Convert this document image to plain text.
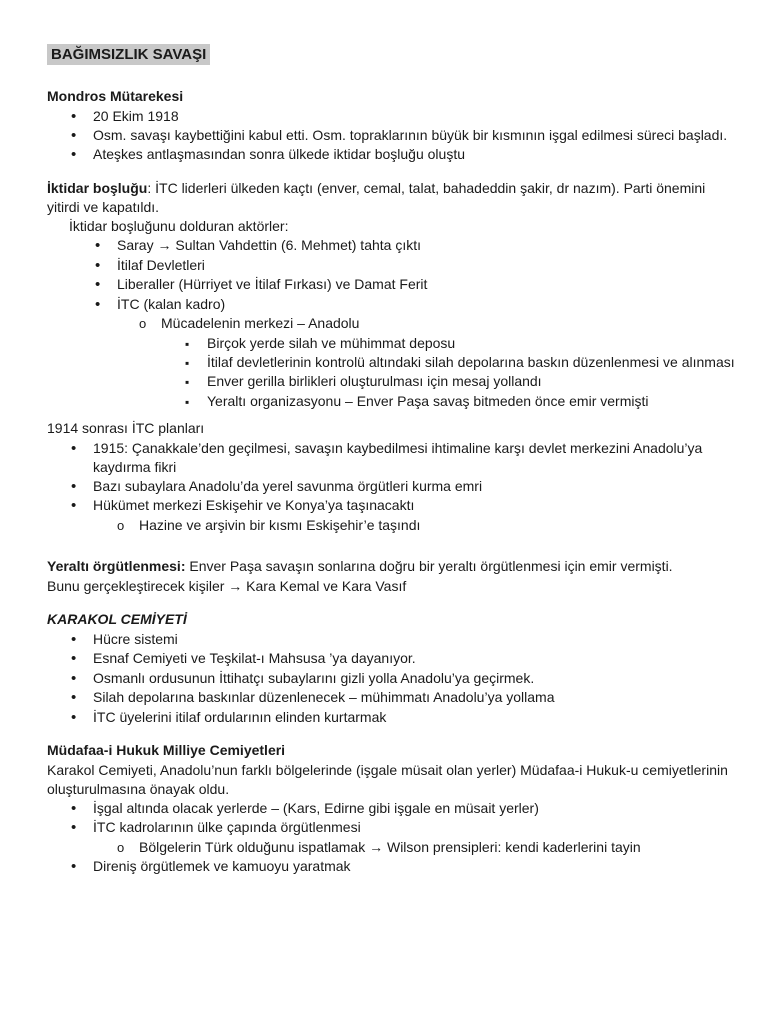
BAĞIMSIZLIK SAVAŞI
Mondros Mütarekesi
•
20 Ekim 1918
•
Osm. savaşı kaybettiğini kabul etti. Osm. topraklarının büyük bir kısmının işgal edilmesi süreci başladı.
•
Ateşkes antlaşmasından sonra ülkede iktidar boşluğu oluştu
İktidar boşluğu: İTC liderleri ülkeden kaçtı (enver, cemal, talat, bahadeddin şakir, dr nazım). Parti önemini yitirdi ve kapatıldı.
İktidar boşluğunu dolduran aktörler:
•
Saray → Sultan Vahdettin (6. Mehmet) tahta çıktı
•
İtilaf Devletleri
•
Liberaller (Hürriyet ve İtilaf Fırkası) ve Damat Ferit
•
İTC (kalan kadro)
o
Mücadelenin merkezi – Anadolu
▪
Birçok yerde silah ve mühimmat deposu
▪
İtilaf devletlerinin kontrolü altındaki silah depolarına baskın düzenlenmesi ve alınması
▪
Enver gerilla birlikleri oluşturulması için mesaj yollandı
▪
Yeraltı organizasyonu – Enver Paşa savaş bitmeden önce emir vermişti
1914 sonrası İTC planları
•
1915: Çanakkale’den geçilmesi, savaşın kaybedilmesi ihtimaline karşı devlet merkezini Anadolu’ya kaydırma fikri
•
Bazı subaylara Anadolu’da yerel savunma örgütleri kurma emri
•
Hükümet merkezi Eskişehir ve Konya’ya taşınacaktı
o
Hazine ve arşivin bir kısmı Eskişehir’e taşındı
Yeraltı örgütlenmesi: Enver Paşa savaşın sonlarına doğru bir yeraltı örgütlenmesi için emir vermişti.
Bunu gerçekleştirecek kişiler → Kara Kemal ve Kara Vasıf
KARAKOL CEMİYETİ
•
Hücre sistemi
•
Esnaf Cemiyeti ve Teşkilat-ı Mahsusa ’ya dayanıyor.
•
Osmanlı ordusunun İttihatçı subaylarını gizli yolla Anadolu’ya geçirmek.
•
Silah depolarına baskınlar düzenlenecek – mühimmatı Anadolu’ya yollama
•
İTC üyelerini itilaf ordularının elinden kurtarmak
Müdafaa-i Hukuk Milliye Cemiyetleri
Karakol Cemiyeti, Anadolu’nun farklı bölgelerinde (işgale müsait olan yerler) Müdafaa-i Hukuk-u cemiyetlerinin oluşturulmasına önayak oldu.
•
İşgal altında olacak yerlerde – (Kars, Edirne gibi işgale en müsait yerler)
•
İTC kadrolarının ülke çapında örgütlenmesi
o
Bölgelerin Türk olduğunu ispatlamak → Wilson prensipleri: kendi kaderlerini tayin
•
Direniş örgütlemek ve kamuoyu yaratmak
